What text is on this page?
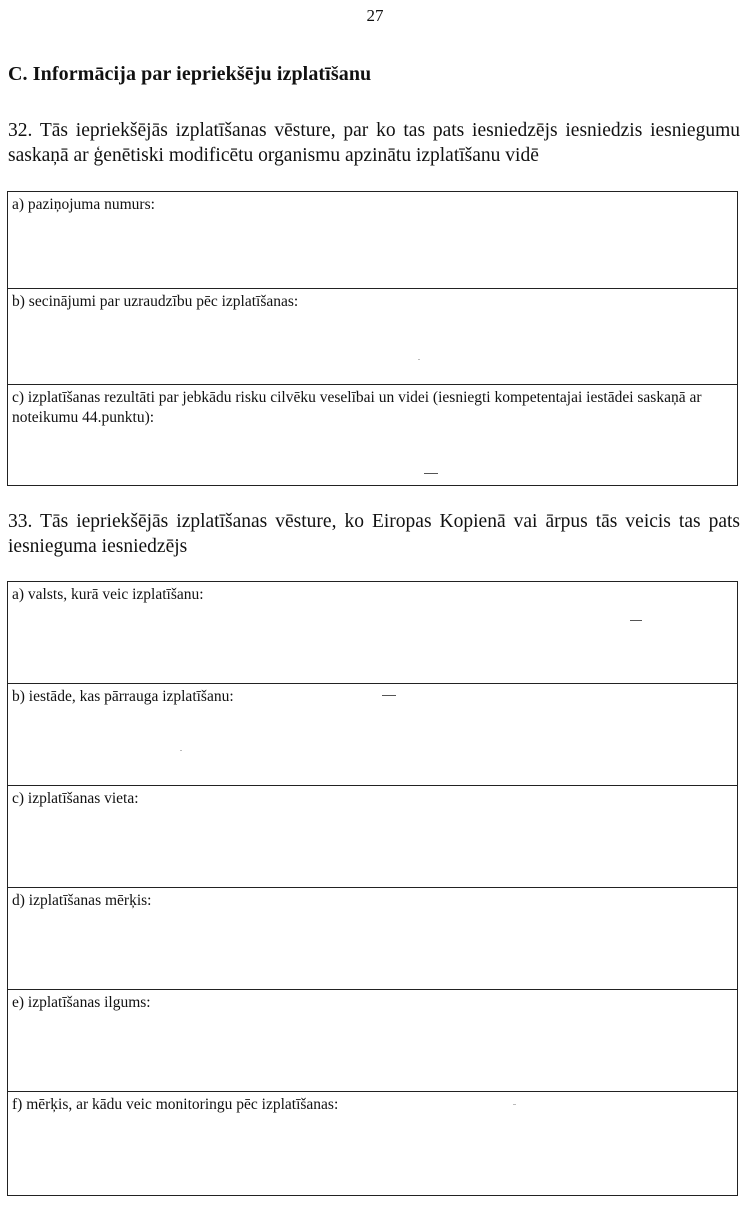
27
C. Informācija par iepriekšēju izplatīšanu
32. Tās iepriekšējās izplatīšanas vēsture, par ko tas pats iesniedzējs iesniedzis iesniegumu saskaņā ar ģenētiski modificētu organismu apzinātu izplatīšanu vidē
a) paziņojuma numurs:
b) secinājumi par uzraudzību pēc izplatīšanas:
c) izplatīšanas rezultāti par jebkādu risku cilvēku veselībai un videi (iesniegti kompetentajai iestādei saskaņā ar noteikumu 44.punktu):
33. Tās iepriekšējās izplatīšanas vēsture, ko Eiropas Kopienā vai ārpus tās veicis tas pats iesnieguma iesniedzējs
a) valsts, kurā veic izplatīšanu:
b) iestāde, kas pārrauga izplatīšanu:
c) izplatīšanas vieta:
d) izplatīšanas mērķis:
e) izplatīšanas ilgums:
f) mērķis, ar kādu veic monitoringu pēc izplatīšanas:
